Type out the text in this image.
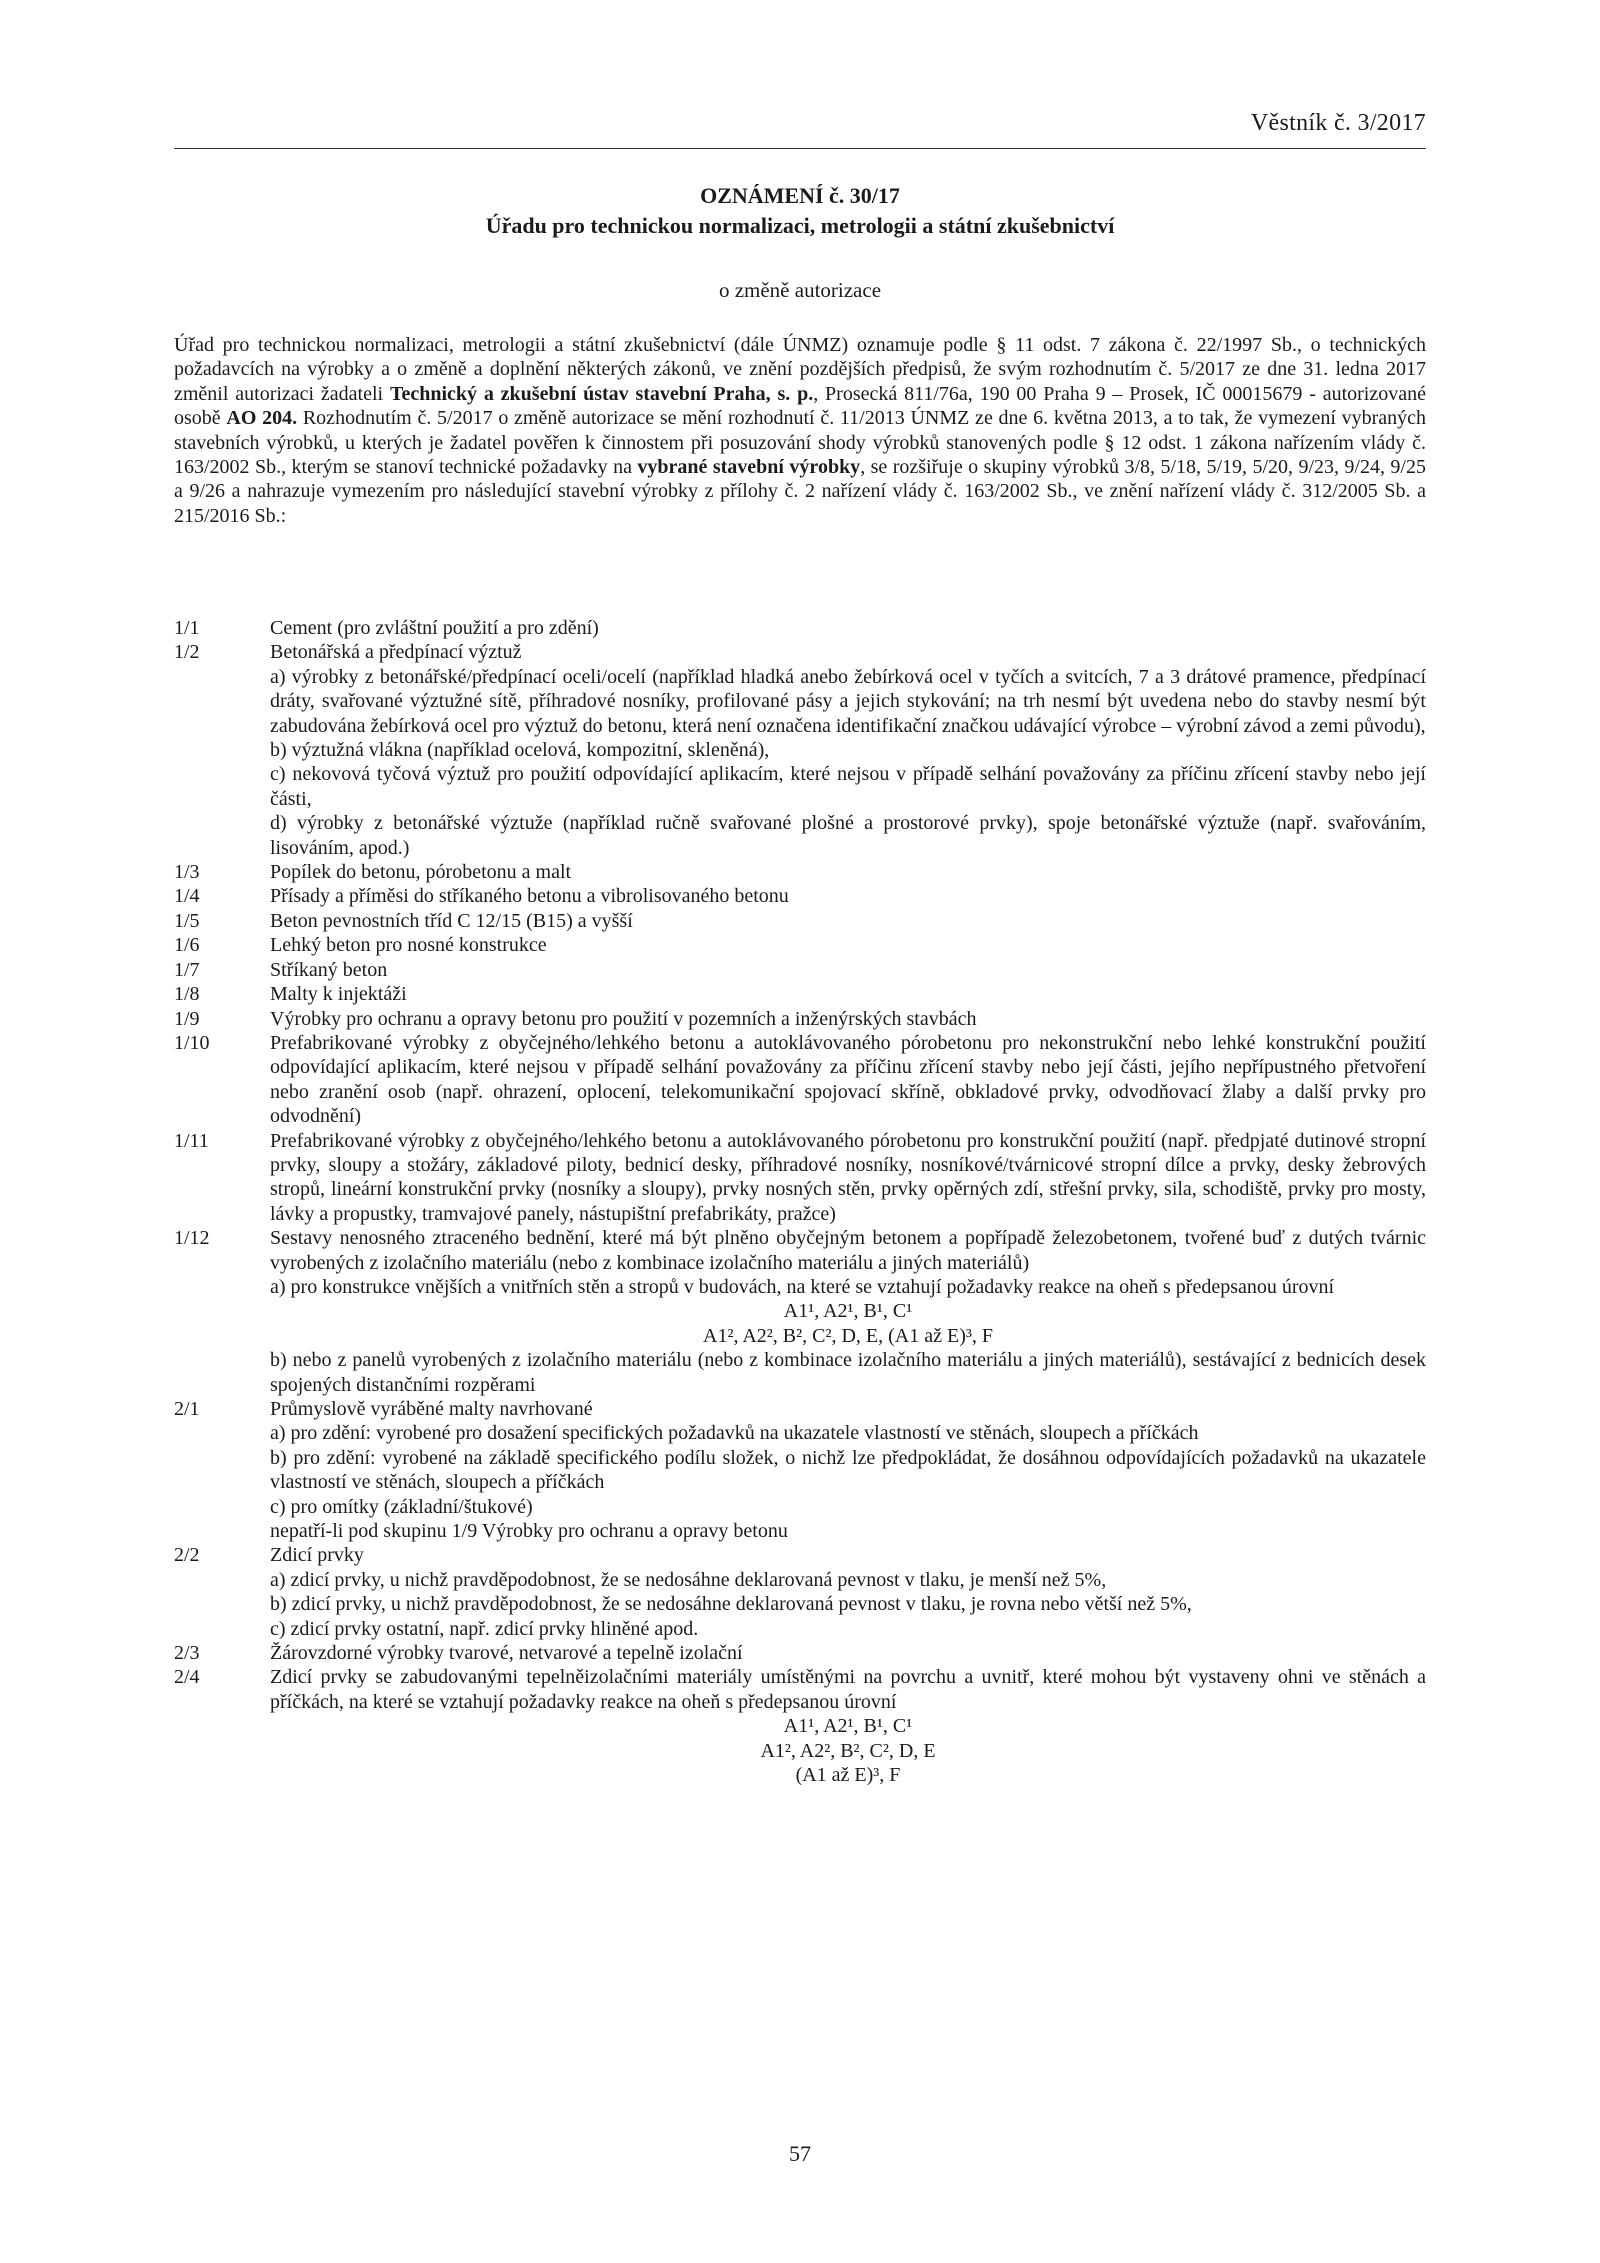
Věstník č. 3/2017
OZNÁMENÍ č. 30/17
Úřadu pro technickou normalizaci, metrologii a státní zkušebnictví
o změně autorizace
Úřad pro technickou normalizaci, metrologii a státní zkušebnictví (dále ÚNMZ) oznamuje podle § 11 odst. 7 zákona č. 22/1997 Sb., o technických požadavcích na výrobky a o změně a doplnění některých zákonů, ve znění pozdějších předpisů, že svým rozhodnutím č. 5/2017 ze dne 31. ledna 2017 změnil autorizaci žadateli Technický a zkušební ústav stavební Praha, s. p., Prosecká 811/76a, 190 00 Praha 9 – Prosek, IČ 00015679 - autorizované osobě AO 204. Rozhodnutím č. 5/2017 o změně autorizace se mění rozhodnutí č. 11/2013 ÚNMZ ze dne 6. května 2013, a to tak, že vymezení vybraných stavebních výrobků, u kterých je žadatel pověřen k činnostem při posuzování shody výrobků stanovených podle § 12 odst. 1 zákona nařízením vlády č. 163/2002 Sb., kterým se stanoví technické požadavky na vybrané stavební výrobky, se rozšiřuje o skupiny výrobků 3/8, 5/18, 5/19, 5/20, 9/23, 9/24, 9/25 a 9/26 a nahrazuje vymezením pro následující stavební výrobky z přílohy č. 2 nařízení vlády č. 163/2002 Sb., ve znění nařízení vlády č. 312/2005 Sb. a 215/2016 Sb.:
1/1	Cement (pro zvláštní použití a pro zdění)
1/2	Betonářská a předpínací výztuž
a) výrobky z betonářské/předpínací oceli/ocelí (například hladká anebo žebírková ocel v tyčích a svitcích, 7 a 3 drátové pramence, předpínací dráty, svařované výztužné sítě, příhradové nosníky, profilované pásy a jejich stykování; na trh nesmí být uvedena nebo do stavby nesmí být zabudována žebírková ocel pro výztuž do betonu, která není označena identifikační značkou udávající výrobce – výrobní závod a zemi původu),
b) výztužná vlákna (například ocelová, kompozitní, skleněná),
c) nekovová tyčová výztuž pro použití odpovídající aplikacím, které nejsou v případě selhání považovány za příčinu zřícení stavby nebo její části,
d) výrobky z betonářské výztuže (například ručně svařované plošné a prostorové prvky), spoje betonářské výztuže (např. svařováním, lisováním, apod.)
1/3	Popílek do betonu, pórobetonu a malt
1/4	Přísady a příměsi do stříkaného betonu a vibrolisovaného betonu
1/5	Beton pevnostních tříd C 12/15 (B15) a vyšší
1/6	Lehký beton pro nosné konstrukce
1/7	Stříkaný beton
1/8	Malty k injektáži
1/9	Výrobky pro ochranu a opravy betonu pro použití v pozemních a inženýrských stavbách
1/10	Prefabrikované výrobky z obyčejného/lehkého betonu a autoklávovaného pórobetonu pro nekonstrukční nebo lehké konstrukční použití odpovídající aplikacím, které nejsou v případě selhání považovány za příčinu zřícení stavby nebo její části, jejího nepřípustného přetvoření nebo zranění osob (např. ohrazení, oplocení, telekomunikační spojovací skříně, obkladové prvky, odvodňovací žlaby a další prvky pro odvodnění)
1/11	Prefabrikované výrobky z obyčejného/lehkého betonu a autoklávovaného pórobetonu pro konstrukční použití (např. předpjaté dutinové stropní prvky, sloupy a stožáry, základové piloty, bednicí desky, příhradové nosníky, nosníkové/tvárnicové stropní dílce a prvky, desky žebrových stropů, lineární konstrukční prvky (nosníky a sloupy), prvky nosných stěn, prvky opěrných zdí, střešní prvky, sila, schodiště, prvky pro mosty, lávky a propustky, tramvajové panely, nástupištní prefabrikáty, pražce)
1/12	Sestavy nenosného ztraceného bednění, které má být plněno obyčejným betonem a popřípadě železobetonem, tvořené buď z dutých tvárnic vyrobených z izolačního materiálu (nebo z kombinace izolačního materiálu a jiných materiálů)
a) pro konstrukce vnějších a vnitřních stěn a stropů v budovách, na které se vztahují požadavky reakce na oheň s předepsanou úrovní
A1¹, A2¹, B¹, C¹
A1², A2², B², C², D, E, (A1 až E)³, F
b) nebo z panelů vyrobených z izolačního materiálu (nebo z kombinace izolačního materiálu a jiných materiálů), sestávající z bednicích desek spojených distančními rozpěrami
2/1	Průmyslově vyráběné malty navrhované
a) pro zdění: vyrobené pro dosažení specifických požadavků na ukazatele vlastností ve stěnách, sloupech a příčkách
b) pro zdění: vyrobené na základě specifického podílu složek, o nichž lze předpokládat, že dosáhnou odpovídajících požadavků na ukazatele vlastností ve stěnách, sloupech a příčkách
c) pro omítky (základní/štukové)
nepatří-li pod skupinu 1/9 Výrobky pro ochranu a opravy betonu
2/2	Zdicí prvky
a) zdicí prvky, u nichž pravděpodobnost, že se nedosáhne deklarovaná pevnost v tlaku, je menší než 5%,
b) zdicí prvky, u nichž pravděpodobnost, že se nedosáhne deklarovaná pevnost v tlaku, je rovna nebo větší než 5%,
c) zdicí prvky ostatní, např. zdicí prvky hliněné apod.
2/3	Žárovzdorné výrobky tvarové, netvarové a tepelně izolační
2/4	Zdicí prvky se zabudovanými tepelněizolačními materiály umístěnými na povrchu a uvnitř, které mohou být vystaveny ohni ve stěnách a příčkách, na které se vztahují požadavky reakce na oheň s předepsanou úrovní
A1¹, A2¹, B¹, C¹
A1², A2², B², C², D, E
(A1 až E)³, F
57
